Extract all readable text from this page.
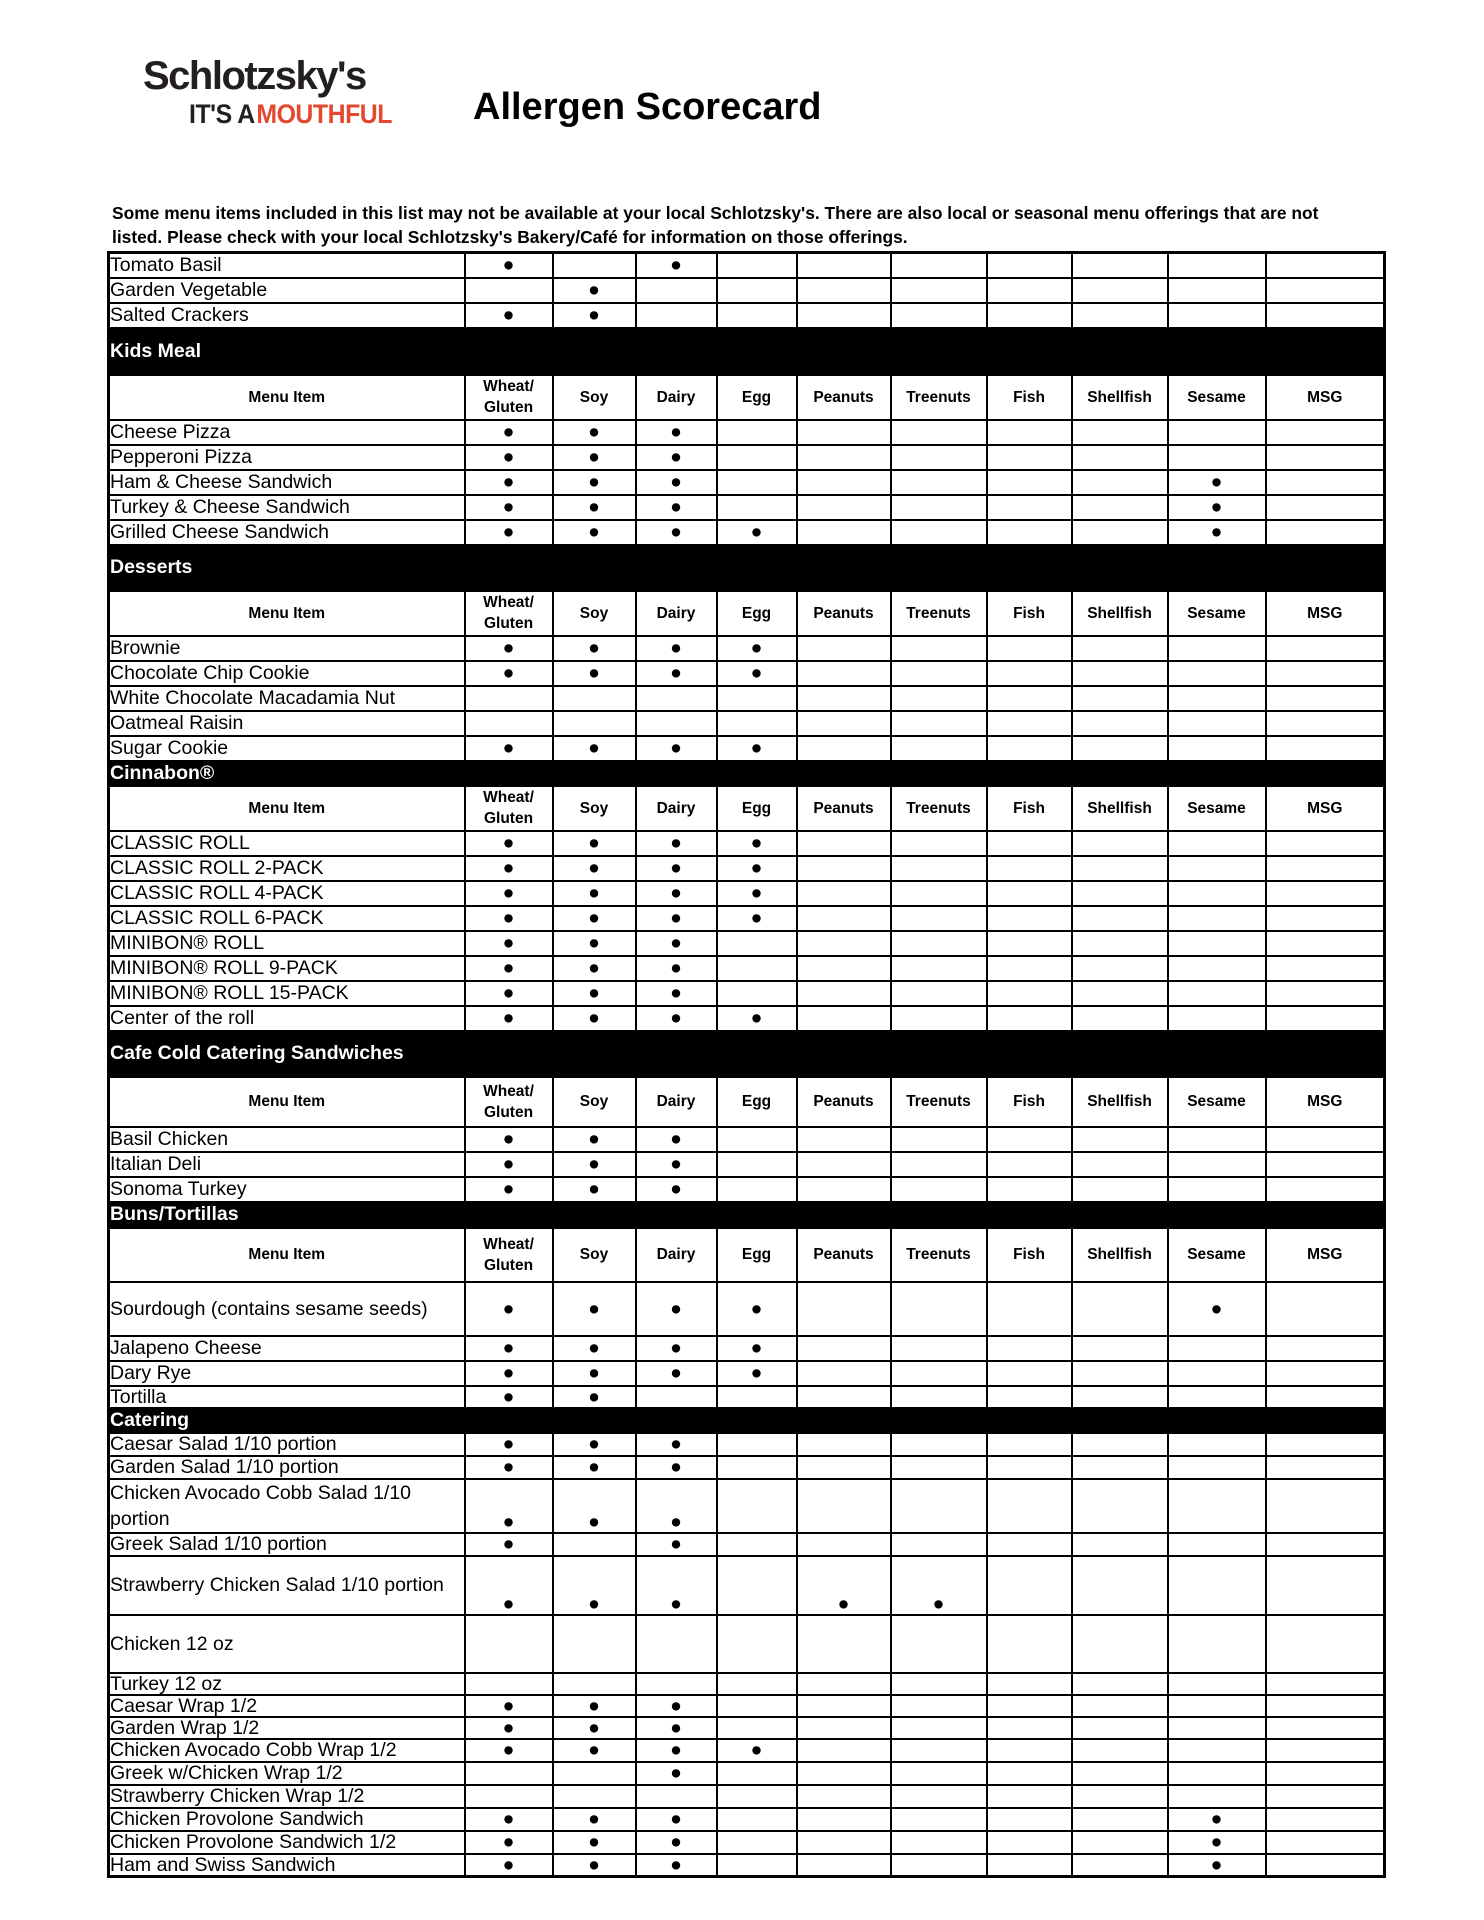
Schlotzsky's
IT'S A MOUTHFUL Allergen Scorecard
Some menu items included in this list may not be available at your local Schlotzsky's. There are also local or seasonal menu offerings that are not listed. Please check with your local Schlotzsky's Bakery/Café for information on those offerings.
Tomato Basil	●		●							
Garden Vegetable		●								
Salted Crackers	●	●								
Kids Meal										
Menu Item	Wheat/
Gluten	Soy	Dairy	Egg	Peanuts	Treenuts	Fish	Shellfish	Sesame	MSG
Cheese Pizza	●	●	●							
Pepperoni Pizza	●	●	●							
Ham & Cheese Sandwich	●	●	●						●	
Turkey & Cheese Sandwich	●	●	●						●	
Grilled Cheese Sandwich	●	●	●	●					●	
Desserts										
Menu Item	Wheat/
Gluten	Soy	Dairy	Egg	Peanuts	Treenuts	Fish	Shellfish	Sesame	MSG
Brownie	●	●	●	●						
Chocolate Chip Cookie	●	●	●	●						
White Chocolate Macadamia Nut										
Oatmeal Raisin										
Sugar Cookie	●	●	●	●						
Cinnabon®										
Menu Item	Wheat/
Gluten	Soy	Dairy	Egg	Peanuts	Treenuts	Fish	Shellfish	Sesame	MSG
CLASSIC ROLL	●	●	●	●						
CLASSIC ROLL 2-PACK	●	●	●	●						
CLASSIC ROLL 4-PACK	●	●	●	●						
CLASSIC ROLL 6-PACK	●	●	●	●						
MINIBON® ROLL	●	●	●							
MINIBON® ROLL 9-PACK	●	●	●							
MINIBON® ROLL 15-PACK	●	●	●							
Center of the roll	●	●	●	●						
Cafe Cold Catering Sandwiches										
Menu Item	Wheat/
Gluten	Soy	Dairy	Egg	Peanuts	Treenuts	Fish	Shellfish	Sesame	MSG
Basil Chicken	●	●	●							
Italian Deli	●	●	●							
Sonoma Turkey	●	●	●							
Buns/Tortillas										
Menu Item	Wheat/
Gluten	Soy	Dairy	Egg	Peanuts	Treenuts	Fish	Shellfish	Sesame	MSG
Sourdough (contains sesame seeds)	●	●	●	●					●	
Jalapeno Cheese	●	●	●	●						
Dary Rye	●	●	●	●						
Tortilla	●	●								
Catering										
Caesar Salad 1/10 portion	●	●	●							
Garden Salad 1/10 portion	●	●	●							
Chicken Avocado Cobb Salad 1/10 portion	●	●	●							
Greek Salad 1/10 portion	●		●							
Strawberry Chicken Salad 1/10 portion	●	●	●		●	●				
Chicken 12 oz										
Turkey 12 oz										
Caesar Wrap 1/2	●	●	●							
Garden Wrap 1/2	●	●	●							
Chicken Avocado Cobb Wrap 1/2	●	●	●	●						
Greek w/Chicken Wrap 1/2			●							
Strawberry Chicken Wrap 1/2										
Chicken Provolone Sandwich	●	●	●						●	
Chicken Provolone Sandwich 1/2	●	●	●						●	
Ham and Swiss Sandwich	●	●	●						●	
